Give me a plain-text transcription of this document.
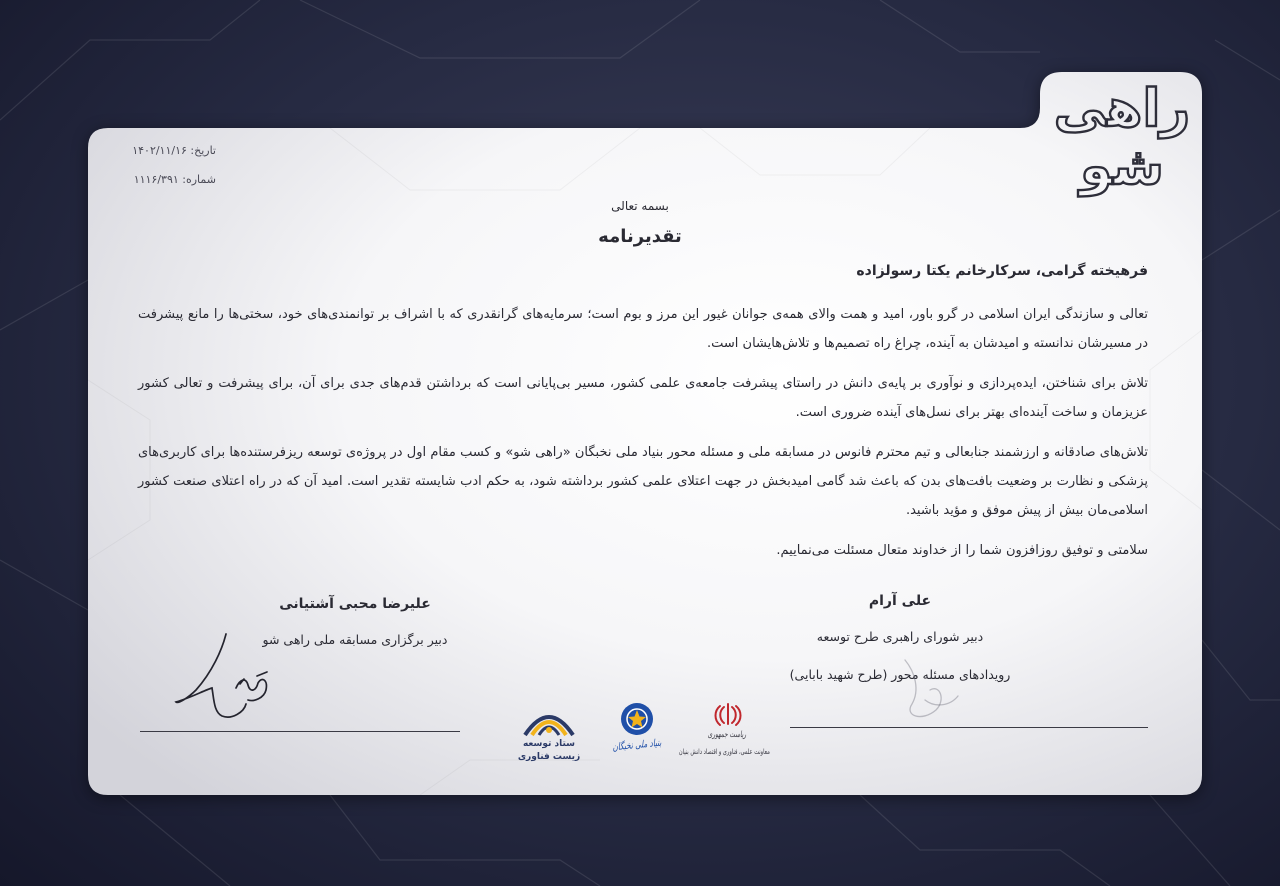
راهی
شو
تاریخ: ۱۴۰۲/۱۱/۱۶
شماره: ۱۱۱۶/۳۹۱
بسمه تعالی
تقدیرنامه
فرهیخته گرامی، سرکارخانم یکتا رسولزاده

تعالی و سازندگی ایران اسلامی در گرو باور، امید و همت والای همه‌ی جوانان غیور این مرز و بوم است؛ سرمایه‌های گرانقدری که با اشراف بر توانمندی‌های خود، سختی‌ها را مانع پیشرفت در مسیرشان ندانسته و امیدشان به آینده، چراغ راه تصمیم‌ها و تلاش‌هایشان است.

تلاش برای شناختن، ایده‌پردازی و نوآوری بر پایه‌ی دانش در راستای پیشرفت جامعه‌ی علمی کشور، مسیر بی‌پایانی است که برداشتن قدم‌های جدی برای آن، برای پیشرفت و تعالی کشور عزیزمان و ساخت آینده‌ای بهتر برای نسل‌های آینده ضروری است.

تلاش‌های صادقانه و ارزشمند جنابعالی و تیم محترم فانوس در مسابقه ملی و مسئله محور بنیاد ملی نخبگان «راهی شو» و کسب مقام اول در پروژه‌ی توسعه ریزفرستنده‌ها برای کاربری‌های پزشکی و نظارت بر وضعیت بافت‌های بدن که باعث شد گامی امیدبخش در جهت اعتلای علمی کشور برداشته شود، به حکم ادب شایسته تقدیر است. امید آن که در راه اعتلای صنعت کشور اسلامی‌مان بیش از پیش موفق و مؤید باشید.

سلامتی و توفیق روزافزون شما را از خداوند متعال مسئلت می‌نماییم.

علی آرام
دبیر شورای راهبری طرح توسعه
رویدادهای مسئله محور (طرح شهید بابایی)
علیرضا محبی آشتیانی
دبیر برگزاری مسابقه ملی راهی شو
ستاد توسعه
زیست فناوری
بنیاد ملی نخبگان
ریاست جمهوری
معاونت علمی، فناوری و اقتصاد دانش بنیان
